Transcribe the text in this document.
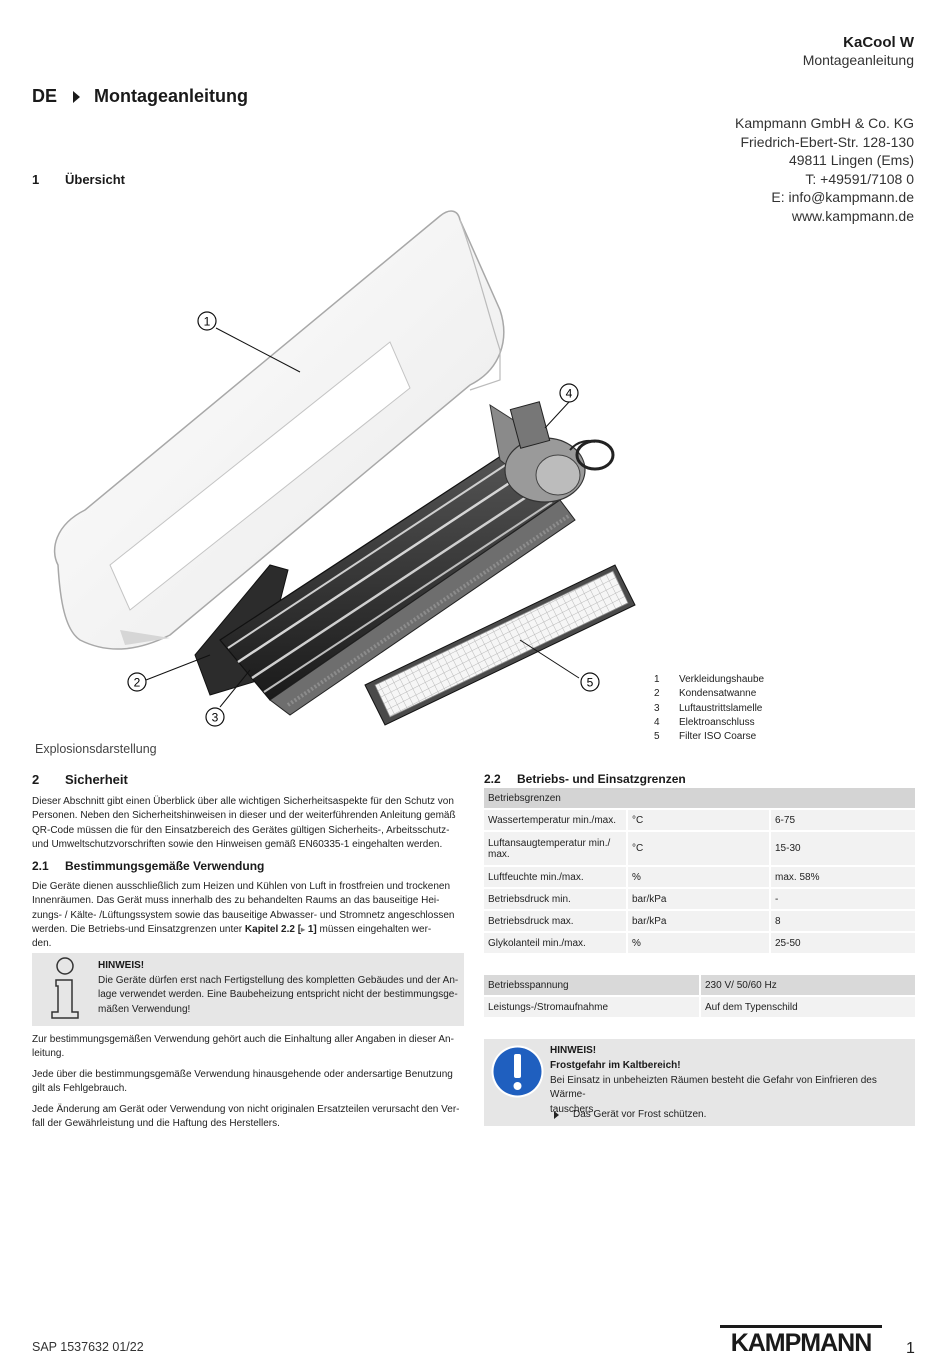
KaCool W
Montageanleitung
DE Montageanleitung
Kampmann GmbH & Co. KG
Friedrich-Ebert-Str. 128-130
49811 Lingen (Ems)
T: +49591/7108 0
E: info@kampmann.de
www.kampmann.de
1	Übersicht
1
2
3
4
5
Explosionsdarstellung
1	Verkleidungshaube
2	Kondensatwanne
3	Luftaustrittslamelle
4	Elektroanschluss
5	Filter ISO Coarse
2	Sicherheit
Dieser Abschnitt gibt einen Überblick über alle wichtigen Sicherheitsaspekte für den Schutz von
Personen. Neben den Sicherheitshinweisen in dieser und der weiterführenden Anleitung gemäß
QR-Code müssen die für den Einsatzbereich des Gerätes gültigen Sicherheits-, Arbeitsschutz-
und Umweltschutzvorschriften sowie den Hinweisen gemäß EN60335-1 eingehalten werden.
2.1	Bestimmungsgemäße Verwendung
Die Geräte dienen ausschließlich zum Heizen und Kühlen von Luft in frostfreien und trockenen
Innenräumen. Das Gerät muss innerhalb des zu behandelten Raums an das bauseitige Hei-
zungs- / Kälte- /Lüftungssystem sowie das bauseitige Abwasser- und Stromnetz angeschlossen
werden. Die Betriebs-und Einsatzgrenzen unter Kapitel 2.2 [▸ 1] müssen eingehalten wer-
den.
HINWEIS!
Die Geräte dürfen erst nach Fertigstellung des kompletten Gebäudes und der An-
lage verwendet werden. Eine Baubeheizung entspricht nicht der bestimmungsge-
mäßen Verwendung!
Zur bestimmungsgemäßen Verwendung gehört auch die Einhaltung aller Angaben in dieser An-
leitung.
Jede über die bestimmungsgemäße Verwendung hinausgehende oder andersartige Benutzung
gilt als Fehlgebrauch.
Jede Änderung am Gerät oder Verwendung von nicht originalen Ersatzteilen verursacht den Ver-
fall der Gewährleistung und die Haftung des Herstellers.
2.2	Betriebs- und Einsatzgrenzen
Betriebsgrenzen		
Wassertemperatur min./max.	°C	6-75
Luftansaugtemperatur min./ max.	°C	15-30
Luftfeuchte min./max.	%	max. 58%
Betriebsdruck min.	bar/kPa	-
Betriebsdruck max.	bar/kPa	8
Glykolanteil min./max.	%	25-50
Betriebsspannung	230 V/ 50/60 Hz
Leistungs-/Stromaufnahme	Auf dem Typenschild
HINWEIS!
Frostgefahr im Kaltbereich!
Bei Einsatz in unbeheizten Räumen besteht die Gefahr von Einfrieren des Wärme-
tauschers.
Das Gerät vor Frost schützen.
SAP 1537632 01/22	KAMPMANN 1
